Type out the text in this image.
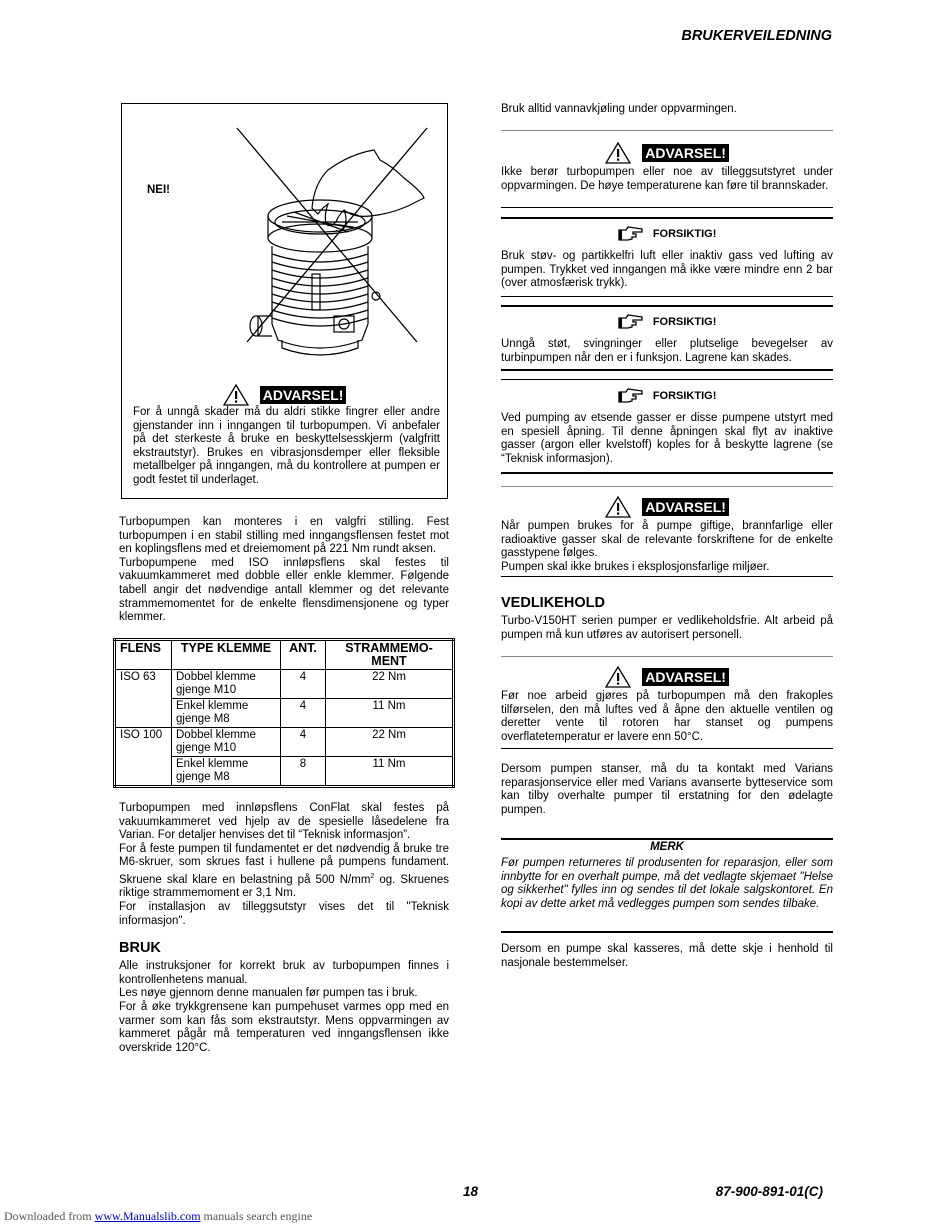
BRUKERVEILEDNING
NEI!
ADVARSEL!

For å unngå skader må du aldri stikke fingrer eller andre gjenstander inn i inngangen til turbopumpen. Vi anbefaler på det sterkeste å bruke en beskyttelsesskjerm (valgfritt ekstrautstyr). Brukes en vibrasjonsdemper eller fleksible metallbelger på inngangen, må du kontrollere at pumpen er godt festet til underlaget.

Turbopumpen kan monteres i en valgfri stilling. Fest turbopumpen i en stabil stilling med inngangsflensen festet mot en koplingsflens med et dreiemoment på 221 Nm rundt aksen.

Turbopumpene med ISO innløpsflens skal festes til vakuumkammeret med dobble eller enkle klemmer. Følgende tabell angir det nødvendige antall klemmer og det relevante strammemomentet for de enkelte flensdimensjonene og typer klemmer.

FLENS	TYPE KLEMME	ANT.	STRAMMEMO-MENT
ISO 63	Dobbel klemme gjenge M10	4	22 Nm
	Enkel klemme gjenge M8	4	11 Nm
ISO 100	Dobbel klemme gjenge M10	4	22 Nm
	Enkel klemme gjenge M8	8	11 Nm

Turbopumpen med innløpsflens ConFlat skal festes på vakuumkammeret ved hjelp av de spesielle låsedelene fra Varian. For detaljer henvises det til “Teknisk informasjon”.

For å feste pumpen til fundamentet er det nødvendig å bruke tre M6-skruer, som skrues fast i hullene på pumpens fundament. Skruene skal klare en belastning på 500 $N/mm^2$ og. Skruenes riktige strammemoment er 3,1 Nm.

For installasjon av tilleggsutstyr vises det til "Teknisk informasjon".

BRUK

Alle instruksjoner for korrekt bruk av turbopumpen finnes i kontrollenhetens manual.

Les nøye gjennom denne manualen før pumpen tas i bruk.

For å øke trykkgrensene kan pumpehuset varmes opp med en varmer som kan fås som ekstrautstyr. Mens oppvarmingen av kammeret pågår må temperaturen ved inngangsflensen ikke overskride 120°C.

Bruk alltid vannavkjøling under oppvarmingen.

ADVARSEL!

Ikke berør turbopumpen eller noe av tilleggsutstyret under oppvarmingen. De høye temperaturene kan føre til brannskader.

FORSIKTIG!

Bruk støv- og partikkelfri luft eller inaktiv gass ved lufting av pumpen. Trykket ved inngangen må ikke være mindre enn 2 bar (over atmosfærisk trykk).

FORSIKTIG!

Unngå støt, svingninger eller plutselige bevegelser av turbinpumpen når den er i funksjon. Lagrene kan skades.

FORSIKTIG!

Ved pumping av etsende gasser er disse pumpene utstyrt med en spesiell åpning. Til denne åpningen skal flyt av inaktive gasser (argon eller kvelstoff) koples for å beskytte lagrene (se “Teknisk informasjon).

ADVARSEL!

Når pumpen brukes for å pumpe giftige, brannfarlige eller radioaktive gasser skal de relevante forskriftene for de enkelte gasstypene følges.

Pumpen skal ikke brukes i eksplosjonsfarlige miljøer.

VEDLIKEHOLD

Turbo-V150HT serien pumper er vedlikeholdsfrie. Alt arbeid på pumpen må kun utføres av autorisert personell.

ADVARSEL!

Før noe arbeid gjøres på turbopumpen må den frakoples tilførselen, den må luftes ved å åpne den aktuelle ventilen og deretter vente til rotoren har stanset og pumpens overflatetemperatur er lavere enn 50°C.

Dersom pumpen stanser, må du ta kontakt med Varians reparasjonservice eller med Varians avanserte bytteservice som kan tilby overhalte pumper til erstatning for den ødelagte pumpen.

MERK

Før pumpen returneres til produsenten for reparasjon, eller som innbytte for en overhalt pumpe, må det vedlagte skjemaet "Helse og sikkerhet" fylles inn og sendes til det lokale salgskontoret. En kopi av dette arket må vedlegges pumpen som sendes tilbake.

Dersom en pumpe skal kasseres, må dette skje i henhold til nasjonale bestemmelser.

18	87-900-891-01(C)
Downloaded from www.Manualslib.com manuals search engine
